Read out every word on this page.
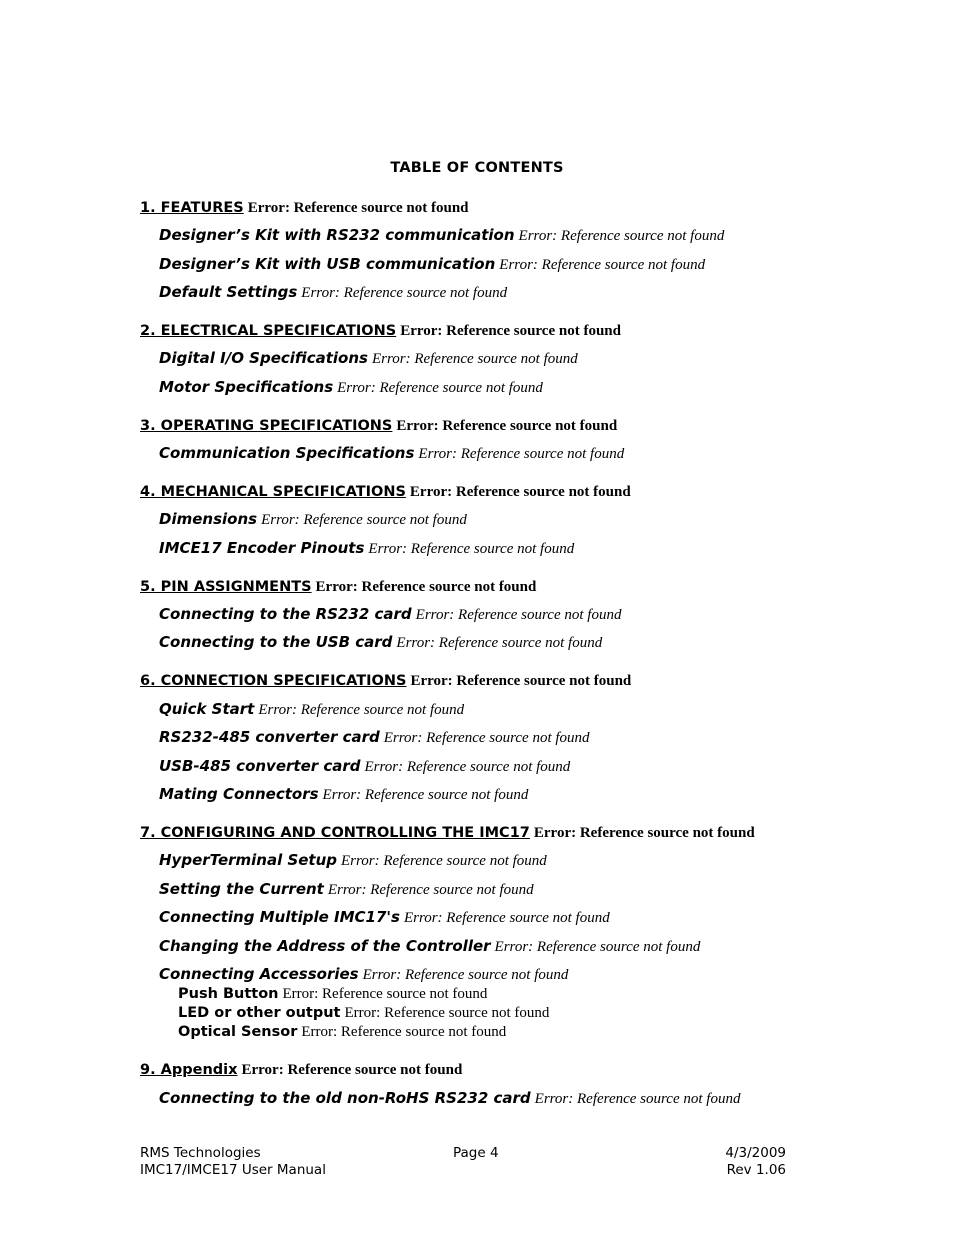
TABLE OF CONTENTS
1. FEATURES Error: Reference source not found
Designer’s Kit with RS232 communication Error: Reference source not found
Designer’s Kit with USB communication Error: Reference source not found
Default Settings Error: Reference source not found
2. ELECTRICAL SPECIFICATIONS Error: Reference source not found
Digital I/O Specifications Error: Reference source not found
Motor Specifications Error: Reference source not found
3. OPERATING SPECIFICATIONS Error: Reference source not found
Communication Specifications Error: Reference source not found
4. MECHANICAL SPECIFICATIONS Error: Reference source not found
Dimensions Error: Reference source not found
IMCE17 Encoder Pinouts Error: Reference source not found
5. PIN ASSIGNMENTS Error: Reference source not found
Connecting to the RS232 card Error: Reference source not found
Connecting to the USB card Error: Reference source not found
6. CONNECTION SPECIFICATIONS Error: Reference source not found
Quick Start Error: Reference source not found
RS232-485 converter card Error: Reference source not found
USB-485 converter card Error: Reference source not found
Mating Connectors Error: Reference source not found
7. CONFIGURING AND CONTROLLING THE IMC17 Error: Reference source not found
HyperTerminal Setup Error: Reference source not found
Setting the Current Error: Reference source not found
Connecting Multiple IMC17's Error: Reference source not found
Changing the Address of the Controller Error: Reference source not found
Connecting Accessories Error: Reference source not found
Push Button Error: Reference source not found
LED or other output Error: Reference source not found
Optical Sensor Error: Reference source not found
9. Appendix Error: Reference source not found
Connecting to the old non-RoHS RS232 card Error: Reference source not found
RMS Technologies
IMC17/IMCE17 User Manual
Page 4	4/3/2009
Rev 1.06
